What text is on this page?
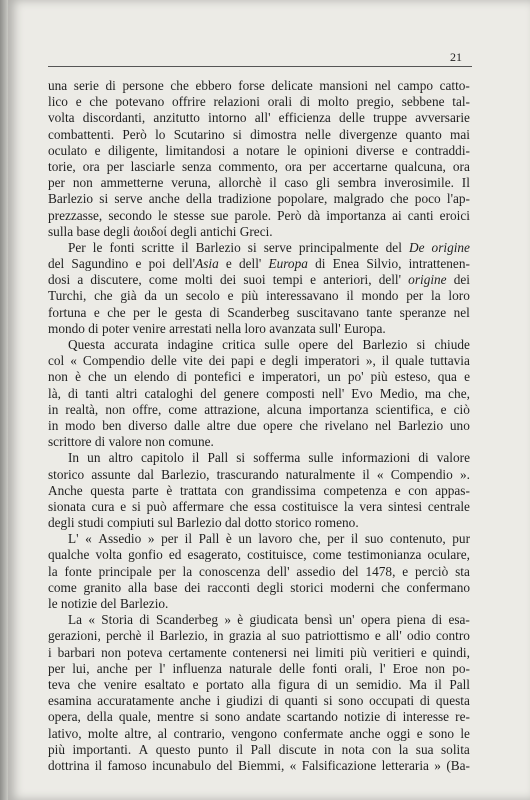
21
una serie di persone che ebbero forse delicate mansioni nel campo catto-
lico e che potevano offrire relazioni orali di molto pregio, sebbene tal-
volta discordanti, anzitutto intorno all' efficienza delle truppe avversarie
combattenti. Però lo Scutarino si dimostra nelle divergenze quanto mai
oculato e diligente, limitandosi a notare le opinioni diverse e contraddi-
torie, ora per lasciarle senza commento, ora per accertarne qualcuna, ora
per non ammetterne veruna, allorchè il caso gli sembra inverosimile. Il
Barlezio si serve anche della tradizione popolare, malgrado che poco l'ap-
prezzasse, secondo le stesse sue parole. Però dà importanza ai canti eroici
sulla base degli ἀοιδοί degli antichi Greci.
Per le fonti scritte il Barlezio si serve principalmente del De origine
del Sagundino e poi dell'Asia e dell' Europa di Enea Silvio, intrattenen-
dosi a discutere, come molti dei suoi tempi e anteriori, dell' origine dei
Turchi, che già da un secolo e più interessavano il mondo per la loro
fortuna e che per le gesta di Scanderbeg suscitavano tante speranze nel
mondo di poter venire arrestati nella loro avanzata sull' Europa.
Questa accurata indagine critica sulle opere del Barlezio si chiude
col « Compendio delle vite dei papi e degli imperatori », il quale tuttavia
non è che un elendo di pontefici e imperatori, un po' più esteso, qua e
là, di tanti altri cataloghi del genere composti nell' Evo Medio, ma che,
in realtà, non offre, come attrazione, alcuna importanza scientifica, e ciò
in modo ben diverso dalle altre due opere che rivelano nel Barlezio uno
scrittore di valore non comune.
In un altro capitolo il Pall si sofferma sulle informazioni di valore
storico assunte dal Barlezio, trascurando naturalmente il « Compendio ».
Anche questa parte è trattata con grandissima competenza e con appas-
sionata cura e si può affermare che essa costituisce la vera sintesi centrale
degli studi compiuti sul Barlezio dal dotto storico romeno.
L' « Assedio » per il Pall è un lavoro che, per il suo contenuto, pur
qualche volta gonfio ed esagerato, costituisce, come testimonianza oculare,
la fonte principale per la conoscenza dell' assedio del 1478, e perciò sta
come granito alla base dei racconti degli storici moderni che confermano
le notizie del Barlezio.
La « Storia di Scanderbeg » è giudicata bensì un' opera piena di esa-
gerazioni, perchè il Barlezio, in grazia al suo patriottismo e all' odio contro
i barbari non poteva certamente contenersi nei limiti più veritieri e quindi,
per lui, anche per l' influenza naturale delle fonti orali, l' Eroe non po-
teva che venire esaltato e portato alla figura di un semidio. Ma il Pall
esamina accuratamente anche i giudizi di quanti si sono occupati di questa
opera, della quale, mentre si sono andate scartando notizie di interesse re-
lativo, molte altre, al contrario, vengono confermate anche oggi e sono le
più importanti. A questo punto il Pall discute in nota con la sua solita
dottrina il famoso incunabulo del Biemmi, « Falsificazione letteraria » (Ba-
